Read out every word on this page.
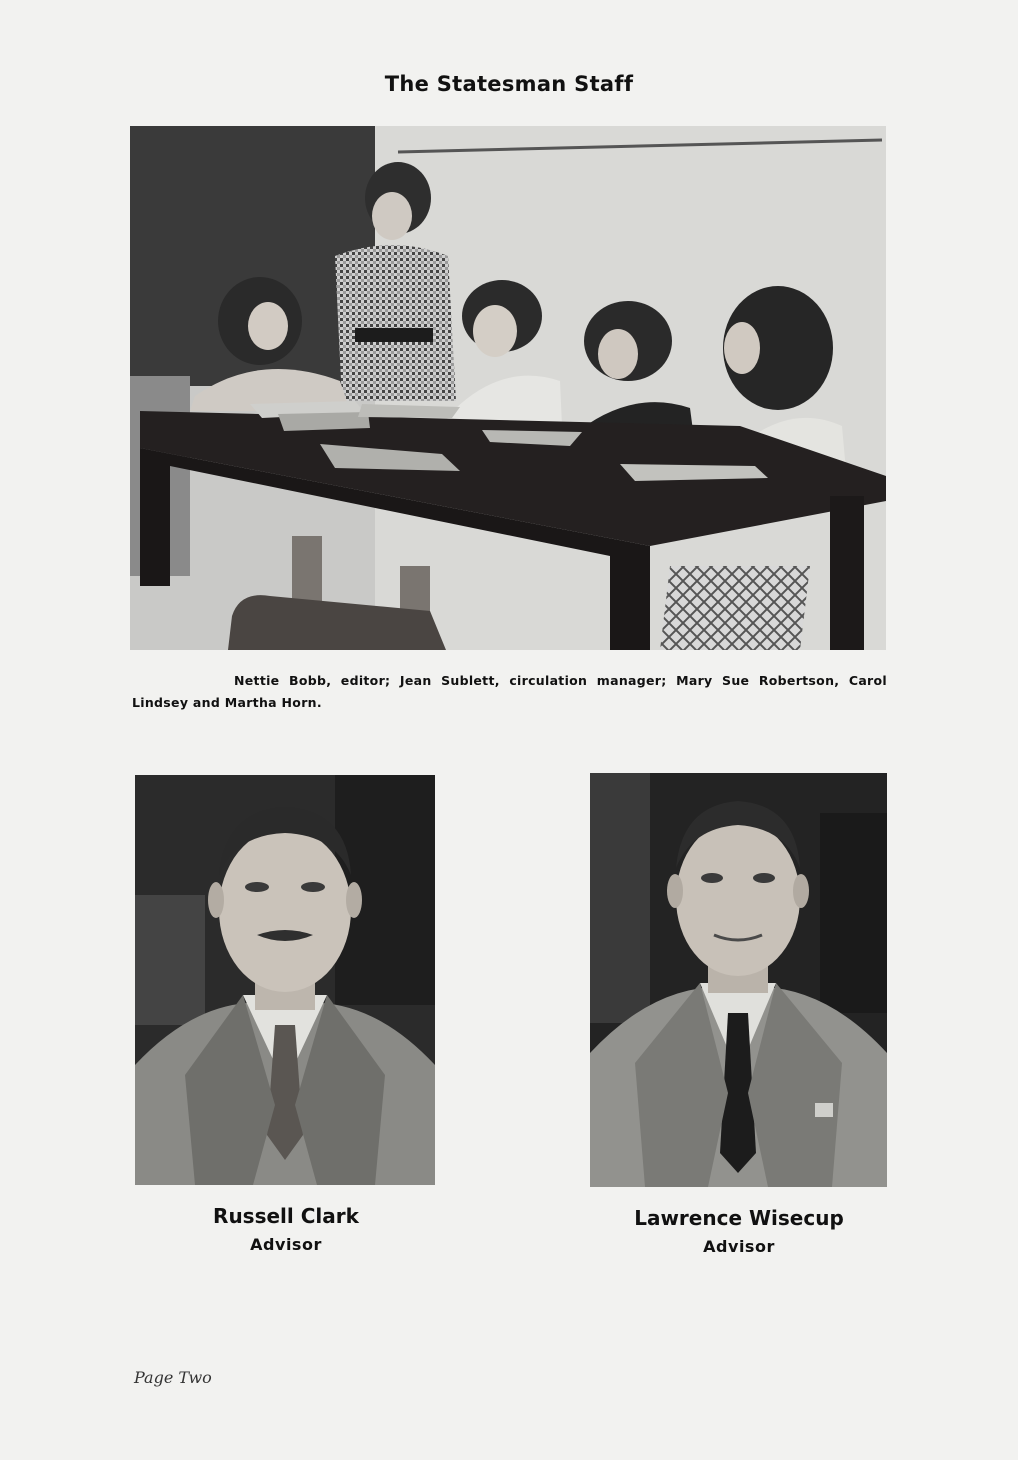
The Statesman Staff
Nettie Bobb, editor; Jean Sublett, circulation manager; Mary Sue Robertson, Carol Lindsey and Martha Horn.
Russell Clark
Advisor
Lawrence Wisecup
Advisor
Page Two
